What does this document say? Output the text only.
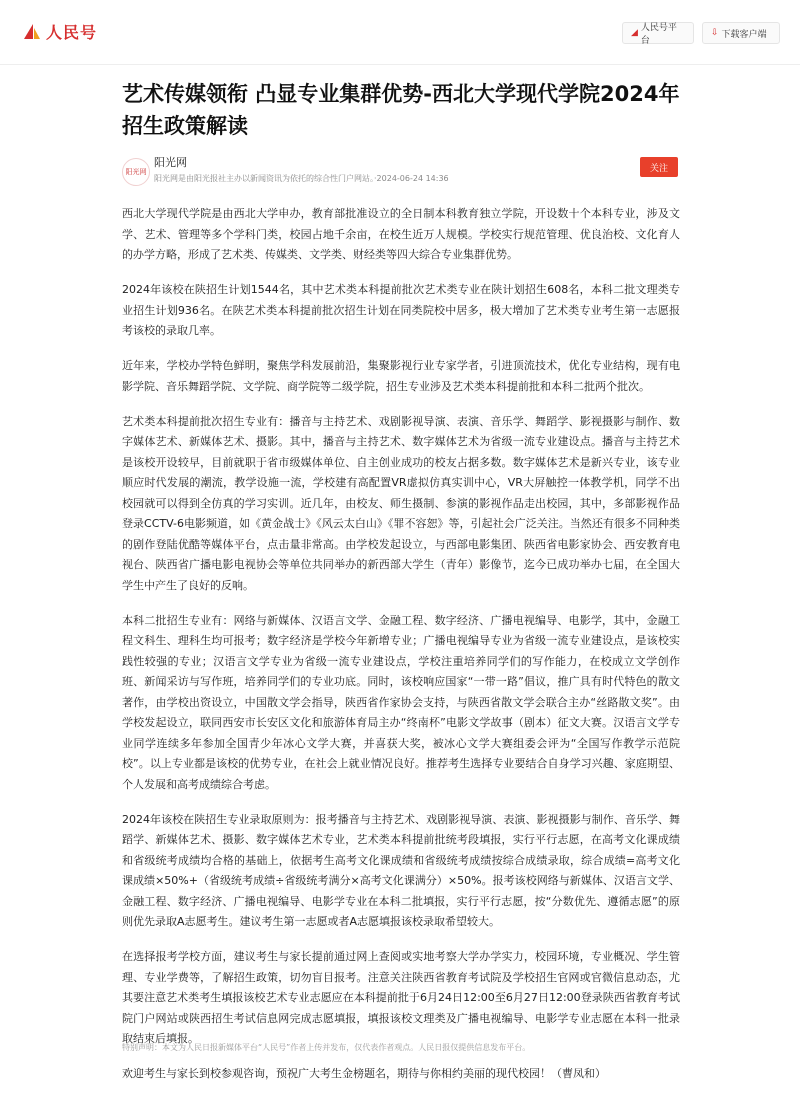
人民号	◢ 人民号平台
⇩ 下载客户端
艺术传媒领衔 凸显专业集群优势-西北大学现代学院2024年招生政策解读
阳光网
阳光网
阳光网是由阳光报社主办以新闻资讯为依托的综合性门户网站。·2024-06-24 14:36
关注

西北大学现代学院是由西北大学申办，教育部批准设立的全日制本科教育独立学院，开设数十个本科专业，涉及文学、艺术、管理等多个学科门类，校园占地千余亩，在校生近万人规模。学校实行规范管理、优良治校、文化育人的办学方略，形成了艺术类、传媒类、文学类、财经类等四大综合专业集群优势。

2024年该校在陕招生计划1544名，其中艺术类本科提前批次艺术类专业在陕计划招生608名，本科二批文理类专业招生计划936名。在陕艺术类本科提前批次招生计划在同类院校中居多，极大增加了艺术类专业考生第一志愿报考该校的录取几率。

近年来，学校办学特色鲜明，聚焦学科发展前沿，集聚影视行业专家学者，引进顶流技术，优化专业结构，现有电影学院、音乐舞蹈学院、文学院、商学院等二级学院，招生专业涉及艺术类本科提前批和本科二批两个批次。

艺术类本科提前批次招生专业有：播音与主持艺术、戏剧影视导演、表演、音乐学、舞蹈学、影视摄影与制作、数字媒体艺术、新媒体艺术、摄影。其中，播音与主持艺术、数字媒体艺术为省级一流专业建设点。播音与主持艺术是该校开设较早，目前就职于省市级媒体单位、自主创业成功的校友占据多数。数字媒体艺术是新兴专业，该专业顺应时代发展的潮流，教学设施一流，学校建有高配置VR虚拟仿真实训中心，VR大屏触控一体教学机，同学不出校园就可以得到全仿真的学习实训。近几年，由校友、师生摄制、参演的影视作品走出校园，其中，多部影视作品登录CCTV-6电影频道，如《黄金战士》《风云太白山》《罪不容恕》等，引起社会广泛关注。当然还有很多不同种类的剧作登陆优酷等媒体平台，点击量非常高。由学校发起设立，与西部电影集团、陕西省电影家协会、西安教育电视台、陕西省广播电影电视协会等单位共同举办的新西部大学生（青年）影像节，迄今已成功举办七届，在全国大学生中产生了良好的反响。

本科二批招生专业有：网络与新媒体、汉语言文学、金融工程、数字经济、广播电视编导、电影学，其中，金融工程文科生、理科生均可报考；数字经济是学校今年新增专业；广播电视编导专业为省级一流专业建设点，是该校实践性较强的专业；汉语言文学专业为省级一流专业建设点，学校注重培养同学们的写作能力，在校成立文学创作班、新闻采访与写作班，培养同学们的专业功底。同时，该校响应国家“一带一路”倡议，推广具有时代特色的散文著作，由学校出资设立，中国散文学会指导，陕西省作家协会支持，与陕西省散文学会联合主办“丝路散文奖”。由学校发起设立，联同西安市长安区文化和旅游体育局主办“终南杯”电影文学故事（剧本）征文大赛。汉语言文学专业同学连续多年参加全国青少年冰心文学大赛，并喜获大奖，被冰心文学大赛组委会评为“全国写作教学示范院校”。以上专业都是该校的优势专业，在社会上就业情况良好。推荐考生选择专业要结合自身学习兴趣、家庭期望、个人发展和高考成绩综合考虑。

2024年该校在陕招生专业录取原则为：报考播音与主持艺术、戏剧影视导演、表演、影视摄影与制作、音乐学、舞蹈学、新媒体艺术、摄影、数字媒体艺术专业，艺术类本科提前批统考段填报，实行平行志愿，在高考文化课成绩和省级统考成绩均合格的基础上，依据考生高考文化课成绩和省级统考成绩按综合成绩录取，综合成绩=高考文化课成绩×50%+（省级统考成绩÷省级统考满分×高考文化课满分）×50%。报考该校网络与新媒体、汉语言文学、金融工程、数字经济、广播电视编导、电影学专业在本科二批填报，实行平行志愿，按“分数优先、遵循志愿”的原则优先录取A志愿考生。建议考生第一志愿或者A志愿填报该校录取希望较大。

在选择报考学校方面，建议考生与家长提前通过网上查阅或实地考察大学办学实力，校园环境，专业概况、学生管理、专业学费等，了解招生政策，切勿盲目报考。注意关注陕西省教育考试院及学校招生官网或官微信息动态，尤其要注意艺术类考生填报该校艺术专业志愿应在本科提前批于6月24日12:00至6月27日12:00登录陕西省教育考试院门户网站或陕西招生考试信息网完成志愿填报，填报该校文理类及广播电视编导、电影学专业志愿在本科一批录取结束后填报。

欢迎考生与家长到校参观咨询，预祝广大考生金榜题名，期待与你相约美丽的现代校园！（曹凤和）

特别声明：本文为人民日报新媒体平台“人民号”作者上传并发布，仅代表作者观点。人民日报仅提供信息发布平台。
